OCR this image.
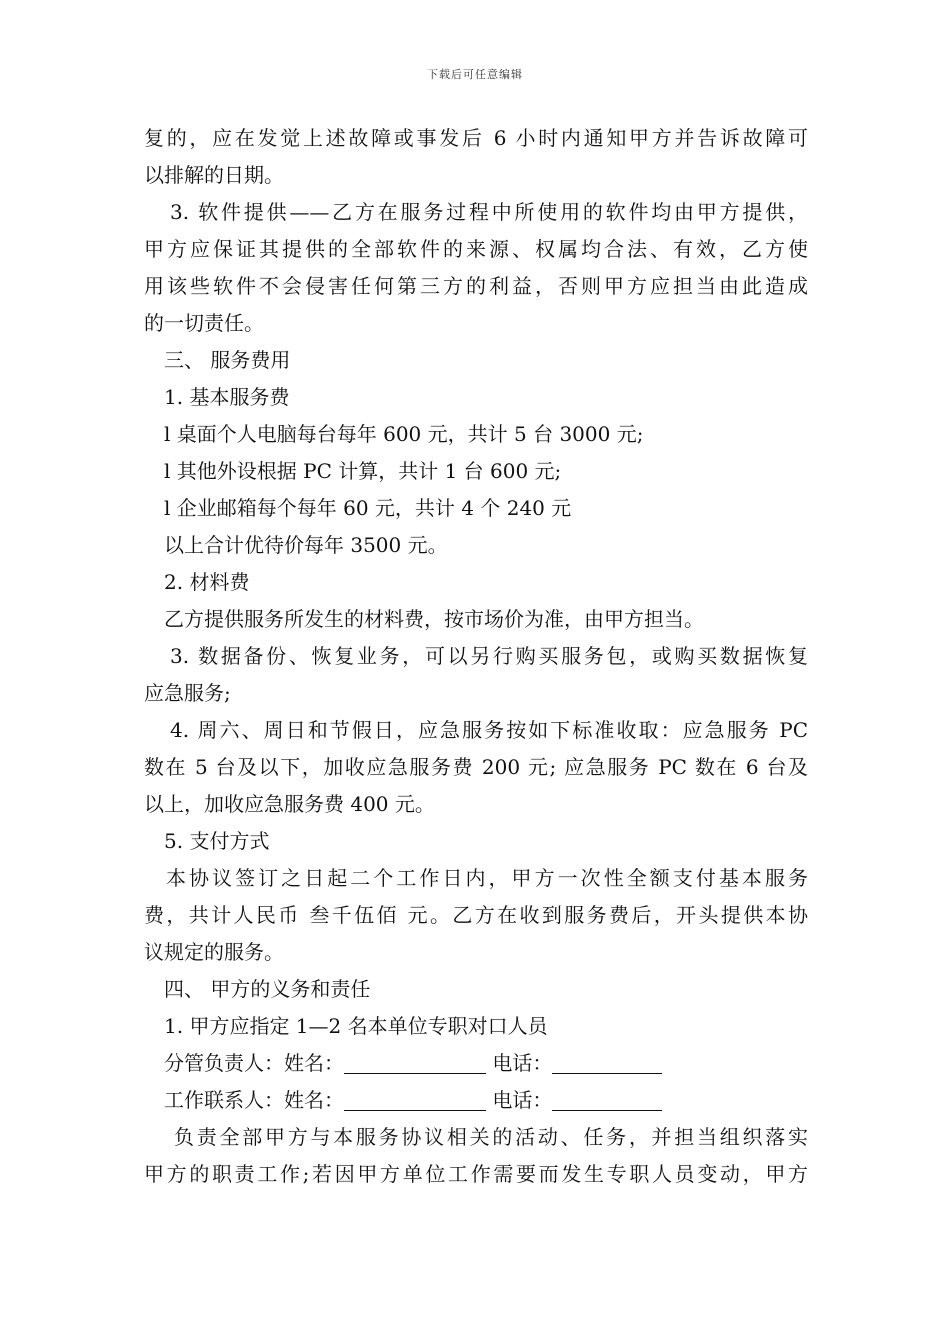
下载后可任意编辑
复的，应在发觉上述故障或事发后 6 小时内通知甲方并告诉故障可
以排解的日期。
3. 软件提供——乙方在服务过程中所使用的软件均由甲方提供，
甲方应保证其提供的全部软件的来源、权属均合法、有效，乙方使
用该些软件不会侵害任何第三方的利益，否则甲方应担当由此造成
的一切责任。
三、 服务费用
1. 基本服务费
l 桌面个人电脑每台每年 600 元，共计 5 台 3000 元;
l 其他外设根据 PC 计算，共计 1 台 600 元;
l 企业邮箱每个每年 60 元，共计 4 个 240 元
以上合计优待价每年 3500 元。
2. 材料费
乙方提供服务所发生的材料费，按市场价为准，由甲方担当。
3. 数据备份、恢复业务，可以另行购买服务包，或购买数据恢复
应急服务;
4. 周六、周日和节假日，应急服务按如下标准收取：应急服务 PC
数在 5 台及以下，加收应急服务费 200 元; 应急服务 PC 数在 6 台及
以上，加收应急服务费 400 元。
5. 支付方式
本协议签订之日起二个工作日内，甲方一次性全额支付基本服务
费，共计人民币 叁千伍佰 元。乙方在收到服务费后，开头提供本协
议规定的服务。
四、 甲方的义务和责任
1. 甲方应指定 1—2 名本单位专职对口人员
分管负责人：姓名：	电话：
工作联系人：姓名：	电话：
负责全部甲方与本服务协议相关的活动、任务，并担当组织落实
甲方的职责工作;若因甲方单位工作需要而发生专职人员变动，甲方
